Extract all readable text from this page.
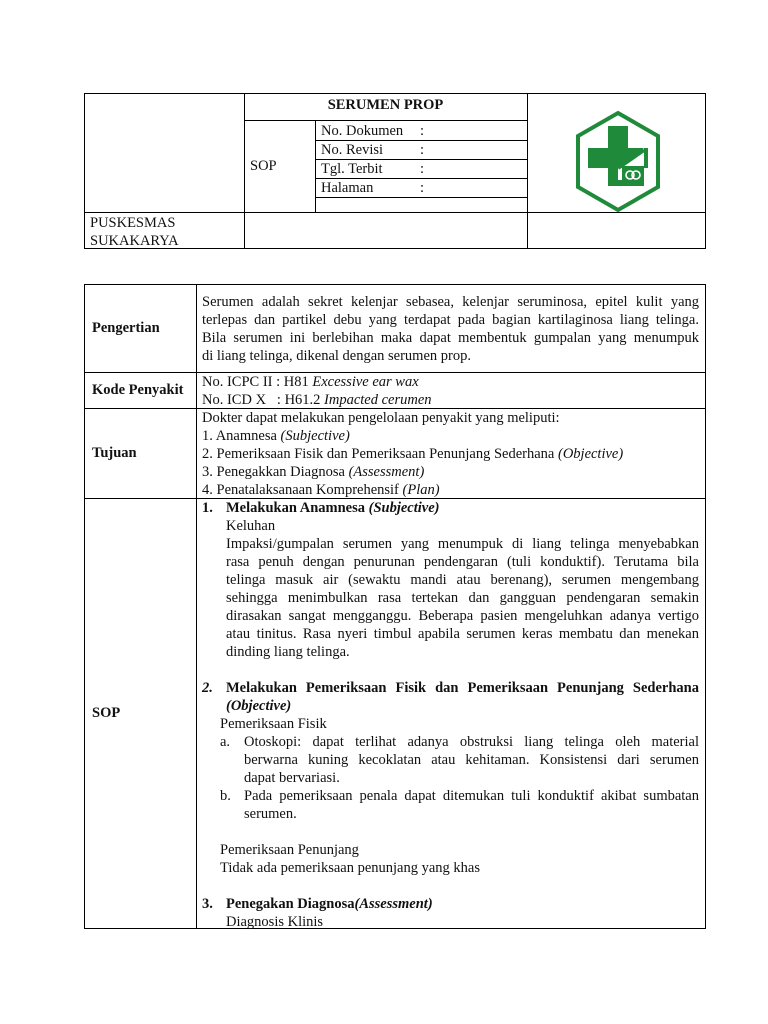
SERUMEN PROP
SOP
No. Dokumen :
No. Revisi	:
Tgl. Terbit	:
Halaman	:
PUSKESMAS
SUKAKARYA
Pengertian
Serumen adalah sekret kelenjar sebasea, kelenjar seruminosa, epitel kulit yang
terlepas dan partikel debu yang terdapat pada bagian kartilaginosa liang telinga.
Bila serumen ini berlebihan maka dapat membentuk gumpalan yang menumpuk
di liang telinga, dikenal dengan serumen prop.
Kode Penyakit	No. ICPC II : H81 Excessive ear wax
No. ICD X   : H61.2 Impacted cerumen
Tujuan
Dokter dapat melakukan pengelolaan penyakit yang meliputi:
1. Anamnesa (Subjective)
2. Pemeriksaan Fisik dan Pemeriksaan Penunjang Sederhana (Objective)
3. Penegakkan Diagnosa (Assessment)
4. Penatalaksanaan Komprehensif (Plan)
SOP
1. Melakukan Anamnesa (Subjective)
Keluhan
Impaksi/gumpalan serumen yang menumpuk di liang telinga menyebabkan
rasa penuh dengan penurunan pendengaran (tuli konduktif). Terutama bila
telinga masuk air (sewaktu mandi atau berenang), serumen mengembang
sehingga menimbulkan rasa tertekan dan gangguan pendengaran semakin
dirasakan sangat mengganggu. Beberapa pasien mengeluhkan adanya vertigo
atau tinitus. Rasa nyeri timbul apabila serumen keras membatu dan menekan
dinding liang telinga.
2. Melakukan Pemeriksaan Fisik dan Pemeriksaan Penunjang Sederhana
(Objective)
Pemeriksaan Fisik
a. Otoskopi: dapat terlihat adanya obstruksi liang telinga oleh material
berwarna kuning kecoklatan atau kehitaman. Konsistensi dari serumen
dapat bervariasi.
b. Pada pemeriksaan penala dapat ditemukan tuli konduktif akibat sumbatan
serumen.
Pemeriksaan Penunjang
Tidak ada pemeriksaan penunjang yang khas
3. Penegakan Diagnosa(Assessment)
Diagnosis Klinis
